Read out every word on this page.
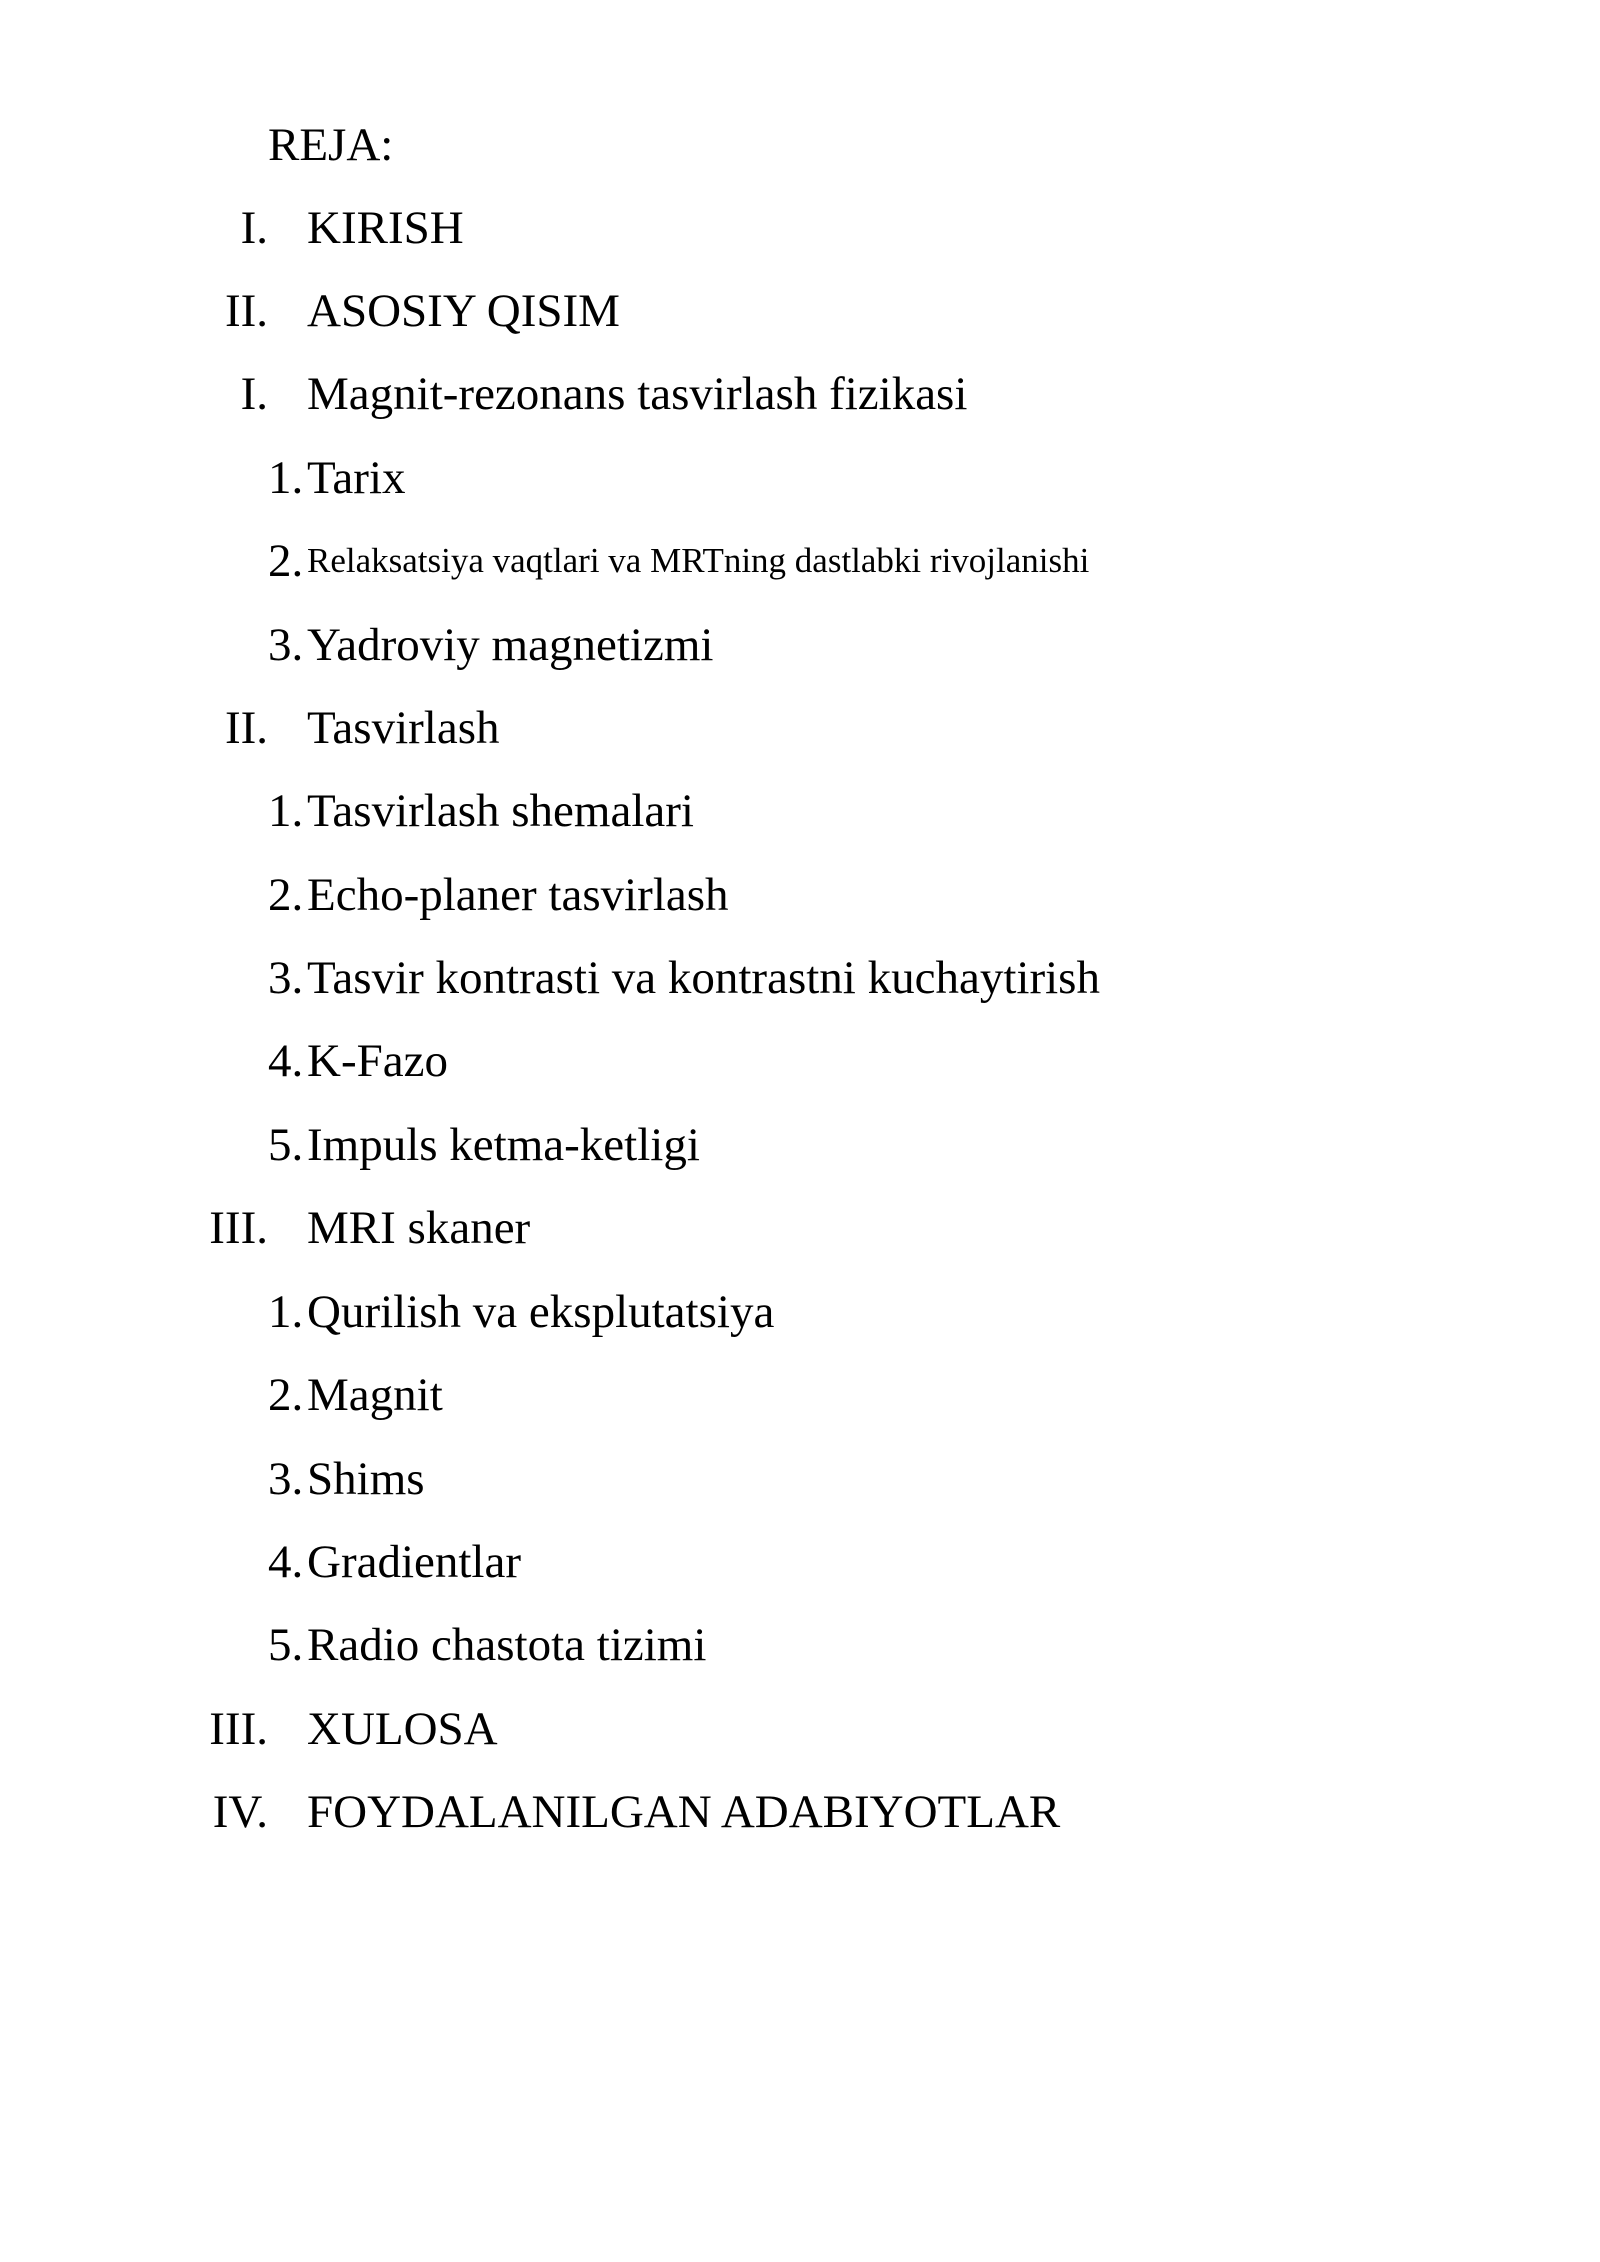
REJA:
I. KIRISH
II. ASOSIY QISIM
I. Magnit-rezonans tasvirlash fizikasi
1. Tarix
2. Relaksatsiya vaqtlari va MRTning dastlabki rivojlanishi
3. Yadroviy magnetizmi
II. Tasvirlash
1. Tasvirlash shemalari
2. Echo-planer tasvirlash
3. Tasvir kontrasti va kontrastni kuchaytirish
4. K-Fazo
5. Impuls ketma-ketligi
III. MRI skaner
1. Qurilish va eksplutatsiya
2. Magnit
3. Shims
4. Gradientlar
5. Radio chastota tizimi
III. XULOSA
IV. FOYDALANILGAN ADABIYOTLAR
